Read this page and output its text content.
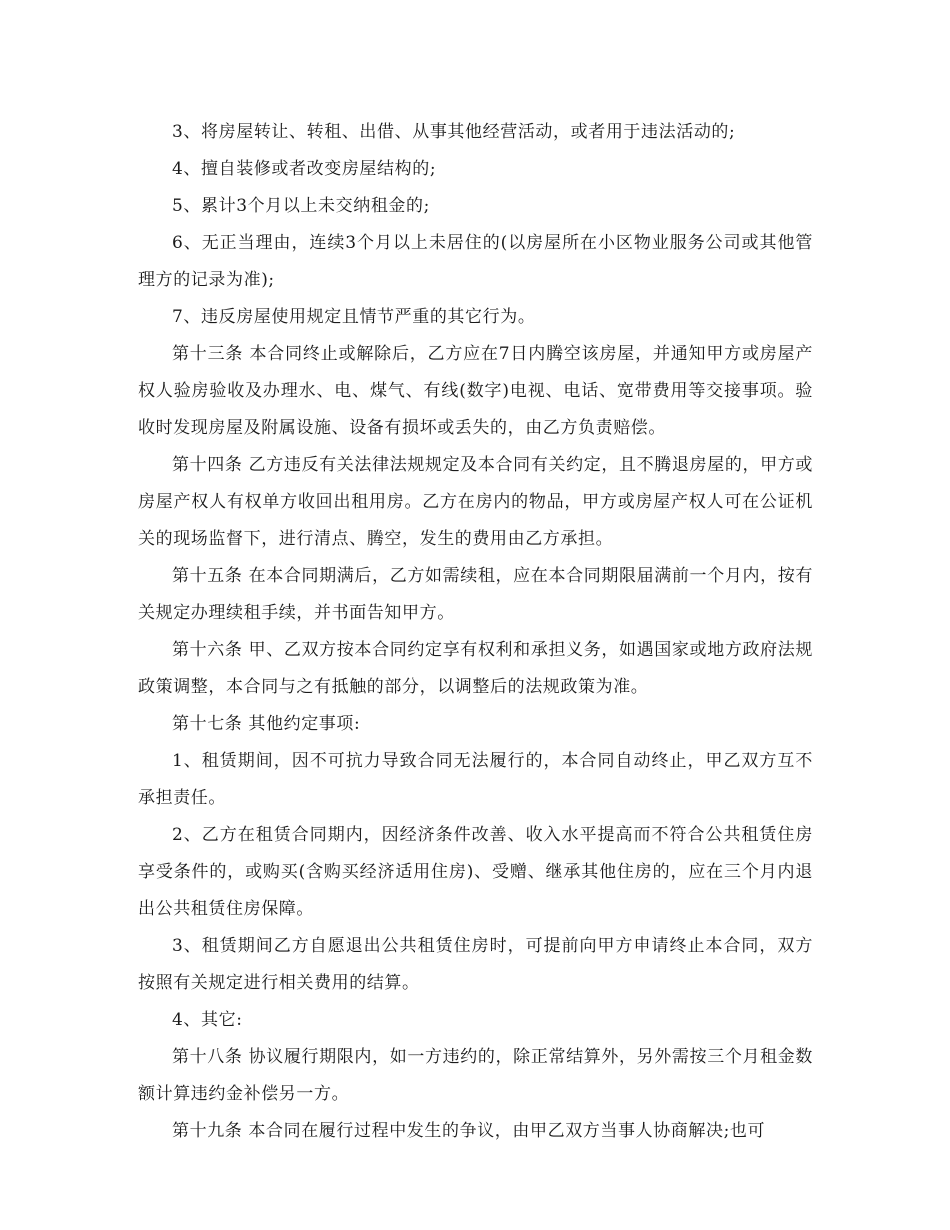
3、将房屋转让、转租、出借、从事其他经营活动，或者用于违法活动的;

4、擅自装修或者改变房屋结构的;

5、累计3个月以上未交纳租金的;

6、无正当理由，连续3个月以上未居住的(以房屋所在小区物业服务公司或其他管理方的记录为准);

7、违反房屋使用规定且情节严重的其它行为。

第十三条 本合同终止或解除后，乙方应在7日内腾空该房屋，并通知甲方或房屋产权人验房验收及办理水、电、煤气、有线(数字)电视、电话、宽带费用等交接事项。验收时发现房屋及附属设施、设备有损坏或丢失的，由乙方负责赔偿。

第十四条 乙方违反有关法律法规规定及本合同有关约定，且不腾退房屋的，甲方或房屋产权人有权单方收回出租用房。乙方在房内的物品，甲方或房屋产权人可在公证机关的现场监督下，进行清点、腾空，发生的费用由乙方承担。

第十五条 在本合同期满后，乙方如需续租，应在本合同期限届满前一个月内，按有关规定办理续租手续，并书面告知甲方。

第十六条 甲、乙双方按本合同约定享有权利和承担义务，如遇国家或地方政府法规政策调整，本合同与之有抵触的部分，以调整后的法规政策为准。

第十七条 其他约定事项:

1、租赁期间，因不可抗力导致合同无法履行的，本合同自动终止，甲乙双方互不承担责任。

2、乙方在租赁合同期内，因经济条件改善、收入水平提高而不符合公共租赁住房享受条件的，或购买(含购买经济适用住房)、受赠、继承其他住房的，应在三个月内退出公共租赁住房保障。

3、租赁期间乙方自愿退出公共租赁住房时，可提前向甲方申请终止本合同，双方按照有关规定进行相关费用的结算。

4、其它:

第十八条 协议履行期限内，如一方违约的，除正常结算外，另外需按三个月租金数额计算违约金补偿另一方。

第十九条 本合同在履行过程中发生的争议，由甲乙双方当事人协商解决;也可
